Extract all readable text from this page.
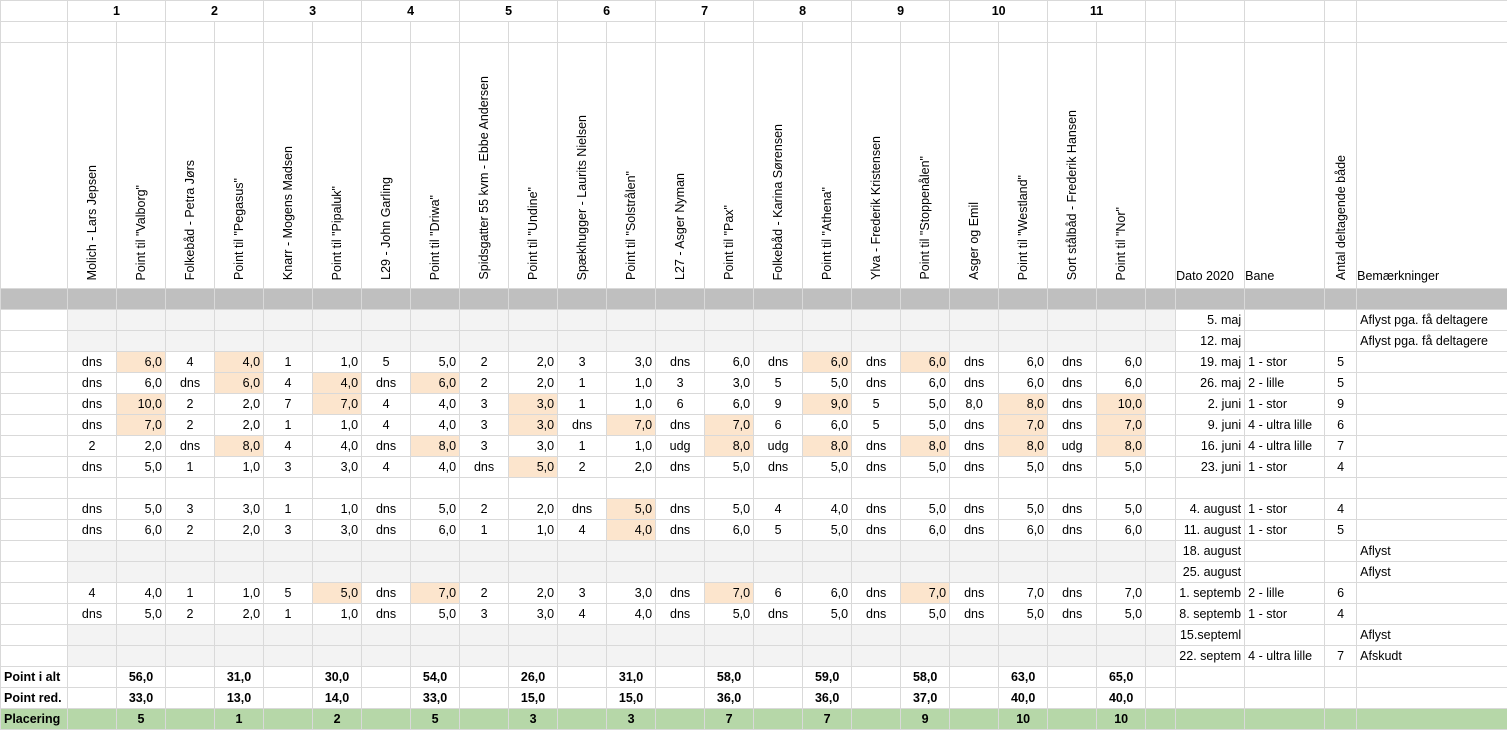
	1		2		3		4		5		6		7		8		9		10		11						

	Molich - Lars Jepsen	Point til "Valborg"	Folkebåd - Petra Jørs	Point til "Pegasus"	Knarr - Mogens Madsen	Point til "Pipaluk"	L29 - John Garling	Point til "Driwa"	Spidsgatter 55 kvm - Ebbe Andersen	Point til "Undine"	Spækhugger - Laurits Nielsen	Point til "Solstrålen"	L27 - Asger Nyman	Point til "Pax"	Folkebåd - Karina Sørensen	Point til "Athena"	Ylva - Frederik Kristensen	Point til "Stoppenålen"	Asger og Emil	Point til "Westland"	Sort stålbåd - Frederik Hansen	Point til "Nor"		Dato 2020	Bane	Antal deltagende både	Bemærkninger

																								5. maj			Aflyst pga. få deltagere
																								12. maj			Aflyst pga. få deltagere
	dns	6,0	4	4,0	1	1,0	5	5,0	2	2,0	3	3,0	dns	6,0	dns	6,0	dns	6,0	dns	6,0	dns	6,0		19. maj	1 - stor	5	
	dns	6,0	dns	6,0	4	4,0	dns	6,0	2	2,0	1	1,0	3	3,0	5	5,0	dns	6,0	dns	6,0	dns	6,0		26. maj	2 - lille	5	
	dns	10,0	2	2,0	7	7,0	4	4,0	3	3,0	1	1,0	6	6,0	9	9,0	5	5,0	8,0	8,0	dns	10,0		2. juni	1 - stor	9	
	dns	7,0	2	2,0	1	1,0	4	4,0	3	3,0	dns	7,0	dns	7,0	6	6,0	5	5,0	dns	7,0	dns	7,0		9. juni	4 - ultra lille	6	
	2	2,0	dns	8,0	4	4,0	dns	8,0	3	3,0	1	1,0	udg	8,0	udg	8,0	dns	8,0	dns	8,0	udg	8,0		16. juni	4 - ultra lille	7	
	dns	5,0	1	1,0	3	3,0	4	4,0	dns	5,0	2	2,0	dns	5,0	dns	5,0	dns	5,0	dns	5,0	dns	5,0		23. juni	1 - stor	4	

	dns	5,0	3	3,0	1	1,0	dns	5,0	2	2,0	dns	5,0	dns	5,0	4	4,0	dns	5,0	dns	5,0	dns	5,0		4. august	1 - stor	4	
	dns	6,0	2	2,0	3	3,0	dns	6,0	1	1,0	4	4,0	dns	6,0	5	5,0	dns	6,0	dns	6,0	dns	6,0		11. august	1 - stor	5	
																								18. august			Aflyst
																								25. august			Aflyst
	4	4,0	1	1,0	5	5,0	dns	7,0	2	2,0	3	3,0	dns	7,0	6	6,0	dns	7,0	dns	7,0	dns	7,0		1. septemb	2 - lille	6	
	dns	5,0	2	2,0	1	1,0	dns	5,0	3	3,0	4	4,0	dns	5,0	dns	5,0	dns	5,0	dns	5,0	dns	5,0		8. septemb	1 - stor	4	
																								15.septeml			Aflyst
																								22. septem	4 - ultra lille	7	Afskudt
Point i alt		56,0		31,0		30,0		54,0		26,0		31,0		58,0		59,0		58,0		63,0		65,0					
Point red.		33,0		13,0		14,0		33,0		15,0		15,0		36,0		36,0		37,0		40,0		40,0					
Placering		5		1		2		5		3		3		7		7		9		10		10					
